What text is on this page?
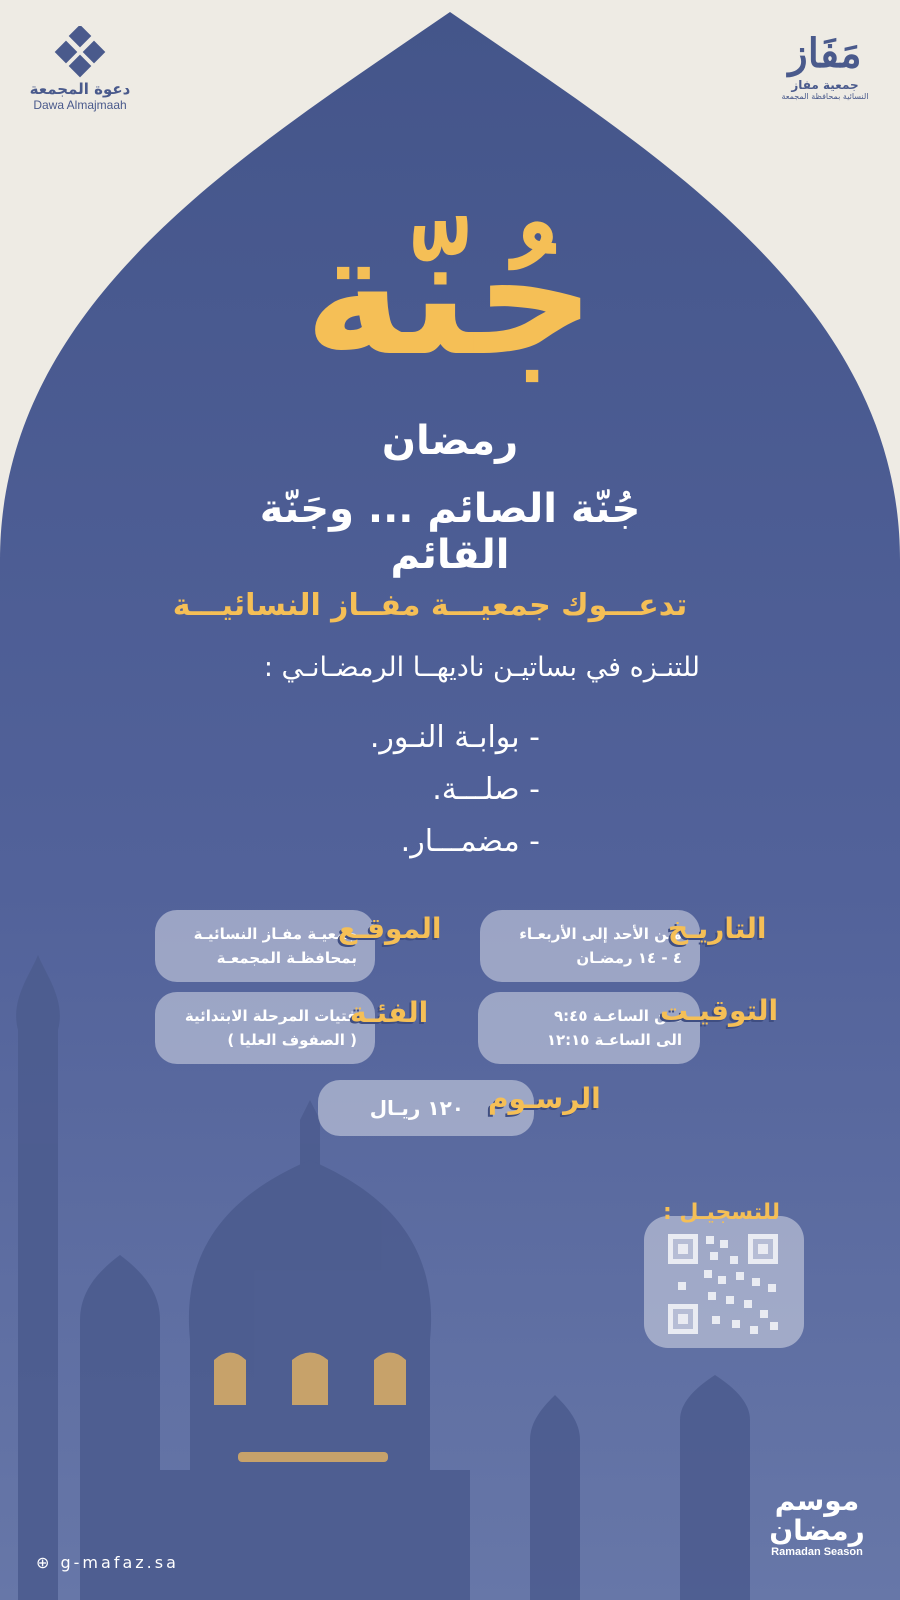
دعوة المجمعة
Dawa Almajmaah
مَفَاز
جمعية مفاز
النسائية بمحافظة المجمعة
جُنّة
رمضان
جُنّة الصائم ... وجَنّة القائم
تدعـــوك جمعيـــة مفــاز النسائيـــة
للتنـزه في بساتيـن ناديهــا الرمضـانـي :
- بوابـة النـور.
- صلـــة.
- مضمـــار.
جمعيـة مفـاز النسائيـة
بمحافظـة المجمعـة
الموقـع	مـن الأحد إلى الأربعـاء
٤ - ١٤ رمضـان
التاريـخ
فتيات المرحلة الابتدائية
( الصفوف العليا )
الفئـة	مـن الساعـة ٩:٤٥
الى الساعـة ١٢:١٥
التوقيـت
١٢٠ ريـال الرسـوم
للتسجيـل :
⊕ g-mafaz.sa
موسم رمضان
Ramadan Season
